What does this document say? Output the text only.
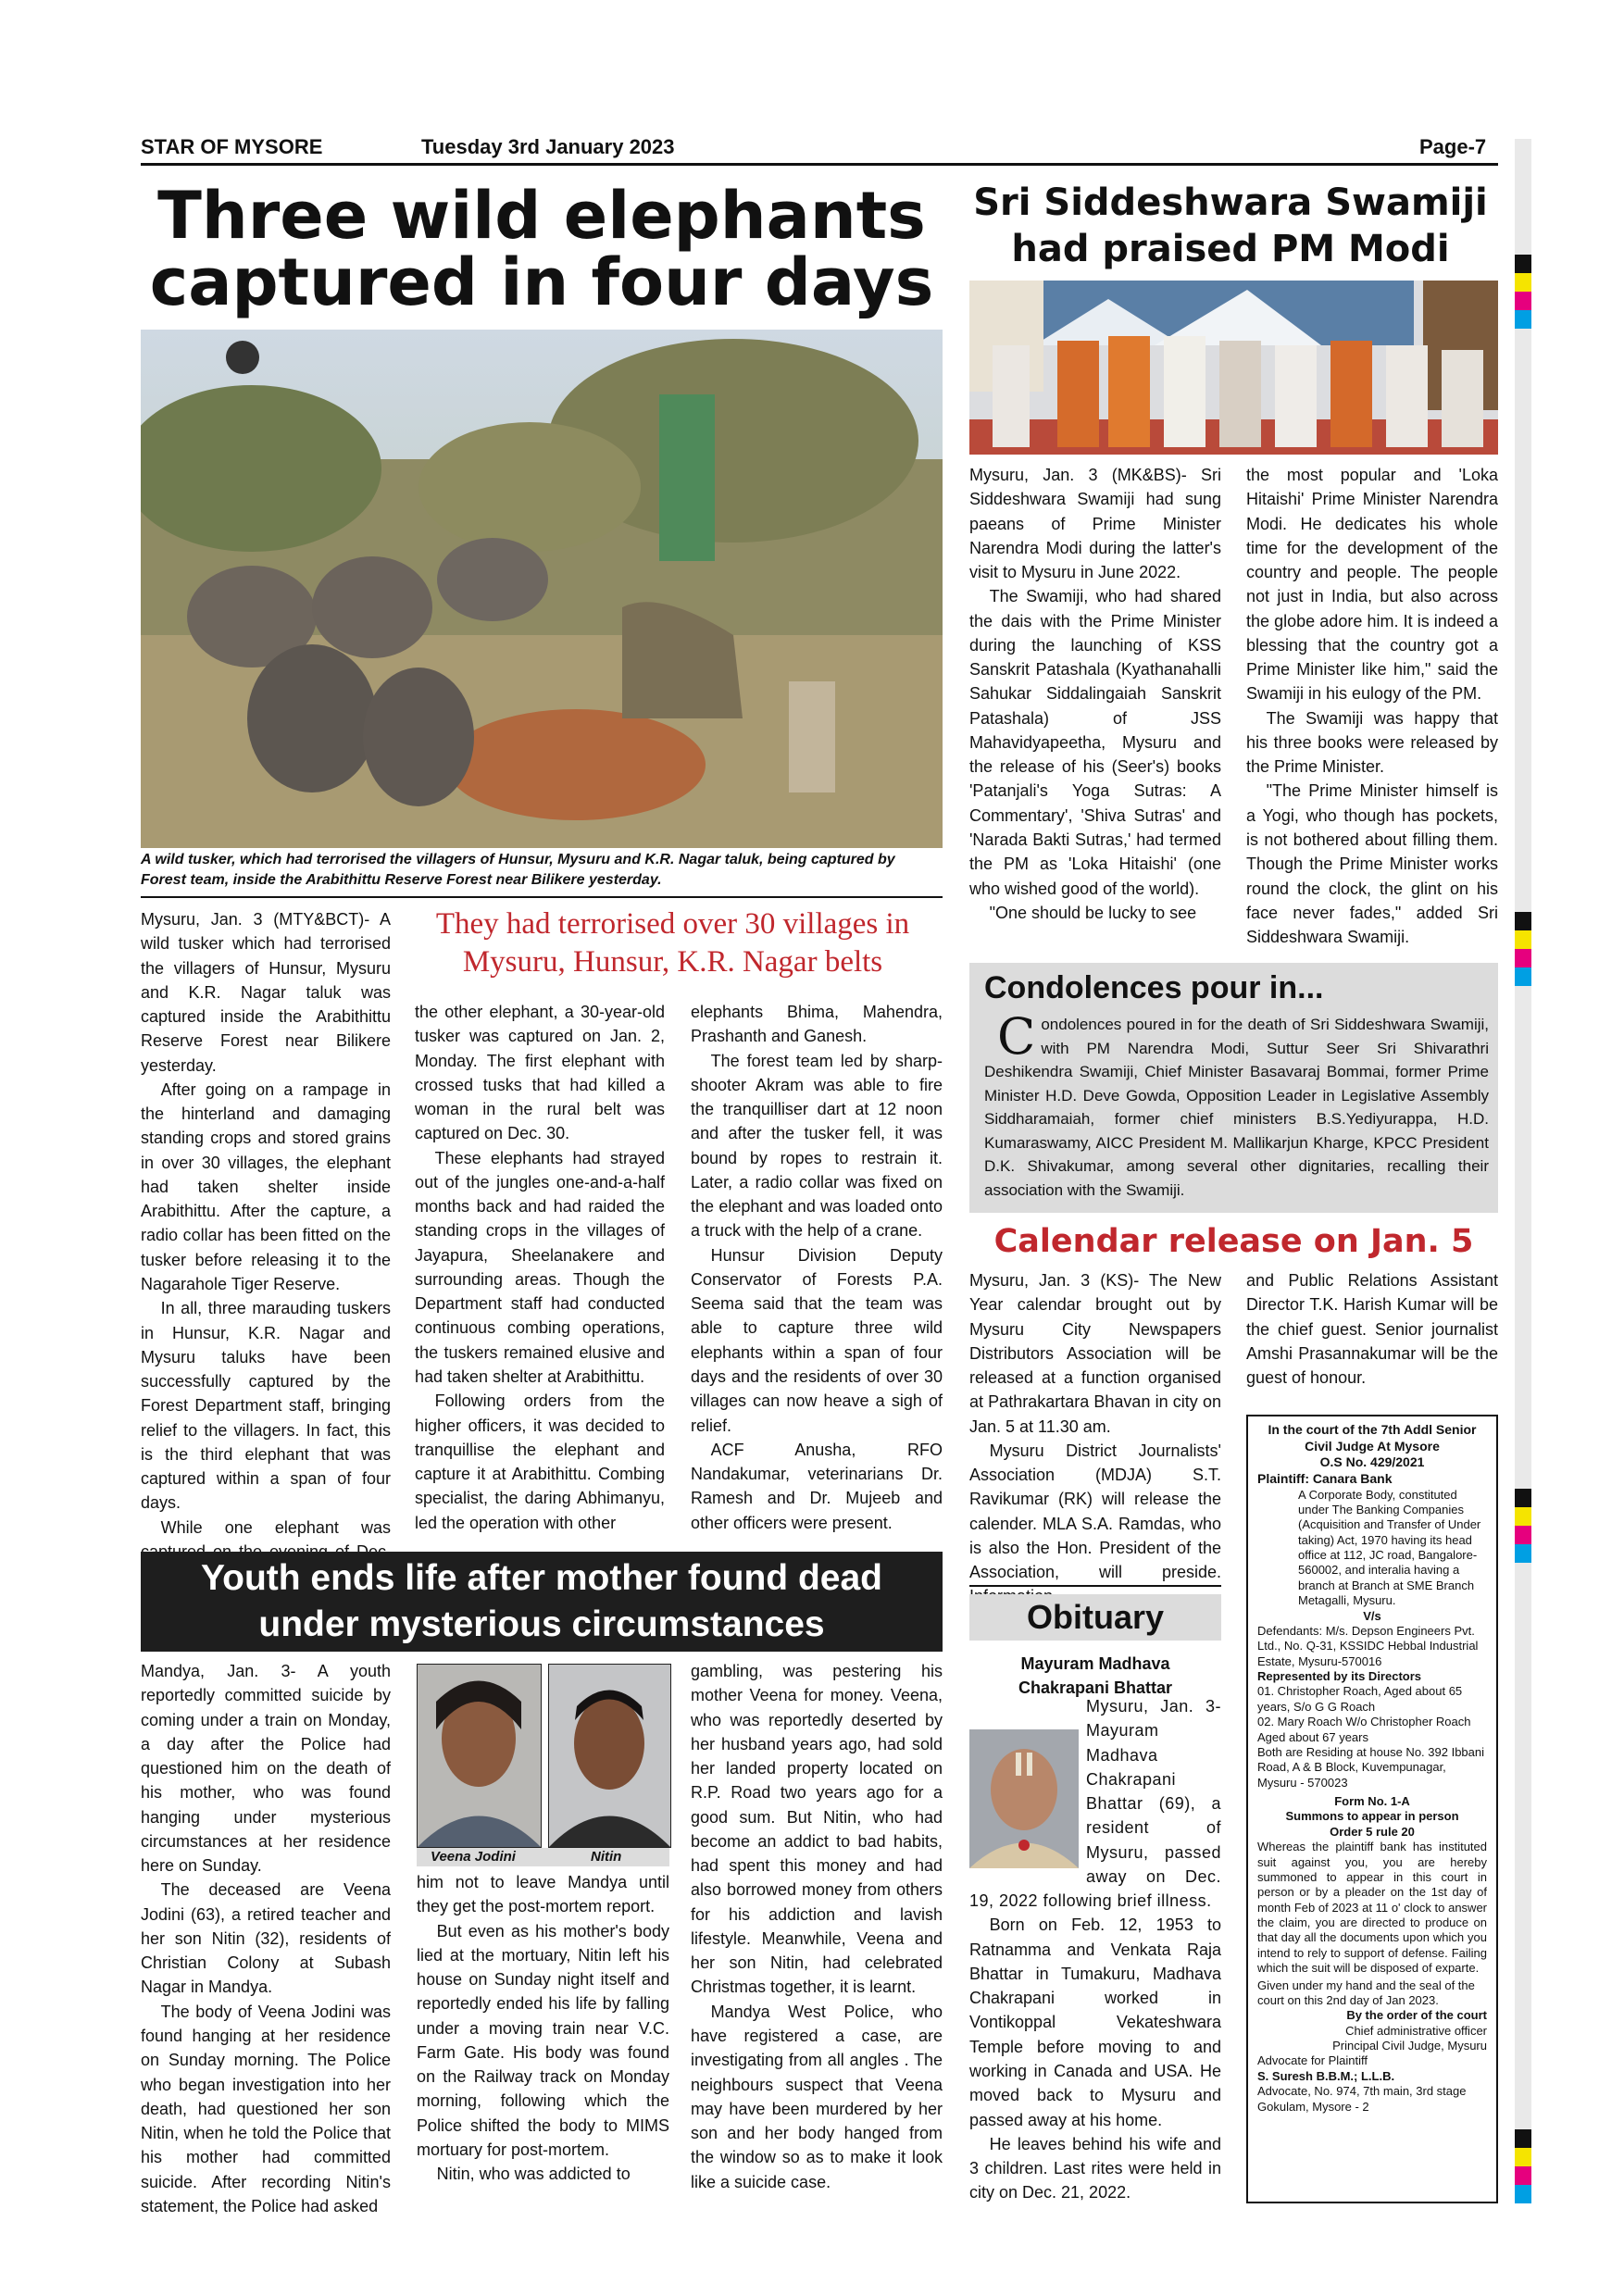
STAR OF MYSORE	Tuesday 3rd January 2023	Page-7
Three wild elephants
captured in four days
A wild tusker, which had terrorised the villagers of Hunsur, Mysuru and K.R. Nagar taluk, being captured by Forest team, inside the Arabithittu Reserve Forest near Bilikere yesterday.

Mysuru, Jan. 3 (MTY&BCT)- A wild tusker which had terrorised the villagers of Hunsur, Mysuru and K.R. Nagar taluk was captured inside the Arabithittu Reserve Forest near Bilikere yesterday.

After going on a rampage in the hinterland and damaging standing crops and stored grains in over 30 villages, the elephant had taken shelter inside Arabithittu. After the capture, a radio collar has been fitted on the tusker before releasing it to the Nagarahole Tiger Reserve.

In all, three marauding tuskers in Hunsur, K.R. Nagar and Mysuru taluks have been successfully captured by the Forest Department staff, bringing relief to the villagers. In fact, this is the third elephant that was captured within a span of four days.

While one elephant was

They had terrorised over 30 villages in
Mysuru, Hunsur, K.R. Nagar belts

the other elephant, a 30-year-old tusker was captured on Jan. 2, Monday. The first elephant with crossed tusks that had killed a woman in the rural belt was captured on Dec. 30.

These elephants had strayed out of the jungles one-and-a-half months back and had raided the standing crops in the villages of Jayapura, Sheelanakere and surrounding areas. Though the Department staff had conducted continuous combing operations, the tuskers remained elusive and had taken shelter at Arabithittu.

Following orders from the higher officers, it was decided to tranquillise the elephant and capture it at Arabithittu. Combing specialist, the daring Abhimanyu, led the operation with other

elephants Bhima, Mahendra, Prashanth and Ganesh.

The forest team led by sharp-shooter Akram was able to fire the tranquilliser dart at 12 noon and after the tusker fell, it was bound by ropes to restrain it. Later, a radio collar was fixed on the elephant and was loaded onto a truck with the help of a crane.

Hunsur Division Deputy Conservator of Forests P.A. Seema said that the team was able to capture three wild elephants within a span of four days and the residents of over 30 villages can now heave a sigh of relief.

ACF Anusha, RFO Nandakumar, veterinarians Dr. Ramesh and Dr. Mujeeb and other officers were present.

Sri Siddeshwara Swamiji
had praised PM Modi

Mysuru, Jan. 3 (MK&BS)- Sri Siddeshwara Swamiji had sung paeans of Prime Minister Narendra Modi during the latter's visit to Mysuru in June 2022.

The Swamiji, who had shared the dais with the Prime Minister during the launching of KSS Sanskrit Patashala (Kyathanahalli Sahukar Siddalingaiah Sanskrit Patashala) of JSS Mahavidyapeetha, Mysuru and the release of his (Seer's) books 'Patanjali's Yoga Sutras: A Commentary', 'Shiva Sutras' and 'Narada Bakti Sutras,' had termed the PM as 'Loka Hitaishi' (one who wished good of the world).

"One should be lucky to see

the most popular and 'Loka Hitaishi' Prime Minister Narendra Modi. He dedicates his whole time for the development of the country and people. The people not just in India, but also across the globe adore him. It is indeed a blessing that the country got a Prime Minister like him," said the Swamiji in his eulogy of the PM.

The Swamiji was happy that his three books were released by the Prime Minister.

"The Prime Minister himself is a Yogi, who though has pockets, is not bothered about filling them. Though the Prime Minister works round the clock, the glint on his face never fades," added Sri Siddeshwara Swamiji.

Condolences pour in...

Condolences poured in for the death of Sri Siddeshwara Swamiji, with PM Narendra Modi, Suttur Seer Sri Shivarathri Deshikendra Swamiji, Chief Minister Basavaraj Bommai, former Prime Minister H.D. Deve Gowda, Opposition Leader in Legislative Assembly Siddharamaiah, former chief ministers B.S.Yediyurappa, H.D. Kumaraswamy, AICC President M. Mallikarjun Kharge, KPCC President D.K. Shivakumar, among several other dignitaries, recalling their association with the Swamiji.

Calendar release on Jan. 5

Mysuru, Jan. 3 (KS)- The New Year calendar brought out by Mysuru City Newspapers Distributors Association will be released at a function organised at Pathrakartara Bhavan in city on Jan. 5 at 11.30 am.

Mysuru District Journalists' Association (MDJA) S.T. Ravikumar (RK) will release the calender. MLA S.A. Ramdas, who is also the Hon. President of the Association, will preside.

and Public Relations Assistant Director T.K. Harish Kumar will be the chief guest. Senior journalist Amshi Prasannakumar will be the guest of honour.

Youth ends life after mother found dead
under mysterious circumstances

Mandya, Jan. 3- A youth reportedly committed suicide by coming under a train on Monday, a day after the Police had questioned him on the death of his mother, who was found hanging under mysterious circumstances at her residence here on Sunday.

The deceased are Veena Jodini (63), a retired teacher and her son Nitin (32), residents of Christian Colony at Subash Nagar in Mandya.

The body of Veena Jodini was found hanging at her residence on Sunday morning. The Police who began investigation into her death, had questioned her son Nitin, when he told the Police that his mother had committed suicide. After recording Nitin's statement, the Police had asked

Veena Jodini	Nitin

him not to leave Mandya until they get the post-mortem report.

But even as his mother's body lied at the mortuary, Nitin left his house on Sunday night itself and reportedly ended his life by falling under a moving train near V.C. Farm Gate. His body was found on the Railway track on Monday morning, following which the Police shifted the body to MIMS mortuary for post-mortem.

Nitin, who was addicted to

gambling, was pestering his mother Veena for money. Veena, who was reportedly deserted by her husband years ago, had sold her landed property located on R.P. Road two years ago for a good sum. But Nitin, who had become an addict to bad habits, had spent this money and had also borrowed money from others for his addiction and lavish lifestyle. Meanwhile, Veena and her son Nitin, had celebrated Christmas together, it is learnt.

Mandya West Police, who have registered a case, are investigating from all angles . The neighbours suspect that Veena may have been murdered by her son and her body hanged from the window so as to make it look like a suicide case.

Obituary
Mayuram Madhava
Chakrapani Bhattar

Mysuru, Jan. 3- Mayuram Madhava Chakrapani Bhattar (69), a resident of Mysuru, passed away on Dec. 19, 2022 following brief illness.

Born on Feb. 12, 1953 to Ratnamma and Venkata Raja Bhattar in Tumakuru, Madhava Chakrapani worked in Vontikoppal Vekateshwara Temple before moving to and working in Canada and USA. He moved back to Mysuru and passed away at his home.

He leaves behind his wife and 3 children. Last rites were held in city on Dec. 21, 2022.

In the court of the 7th Addl Senior Civil Judge At Mysore
O.S No. 429/2021
Plaintiff: Canara Bank
A Corporate Body, constituted under The Banking Companies (Acquisition and Transfer of Under taking) Act, 1970 having its head office at 112, JC road, Bangalore-560002, and interalia having a branch at Branch at SME Branch Metagalli, Mysuru.
V/s
Defendants: M/s. Depson Engineers Pvt. Ltd., No. Q-31, KSSIDC Hebbal Industrial Estate, Mysuru-570016
Represented by its Directors
01. Christopher Roach, Aged about 65 years, S/o G G Roach
02. Mary Roach W/o Christopher Roach Aged about 67 years
Both are Residing at house No. 392 Ibbani Road, A & B Block, Kuvempunagar, Mysuru - 570023
Form No. 1-A
Summons to appear in person
Order 5 rule 20
Whereas the plaintiff bank has instituted suit against you, you are hereby summoned to appear in this court in person or by a pleader on the 1st day of month Feb of 2023 at 11 o' clock to answer the claim, you are directed to produce on that day all the documents upon which you intend to rely to support of defense. Failing which the suit will be disposed of exparte.
Given under my hand and the seal of the court on this 2nd day of Jan 2023.
By the order of the court
Chief administrative officer
Principal Civil Judge, Mysuru
Advocate for Plaintiff
S. Suresh B.B.M.; L.L.B.
Advocate, No. 974, 7th main, 3rd stage Gokulam, Mysore - 2
